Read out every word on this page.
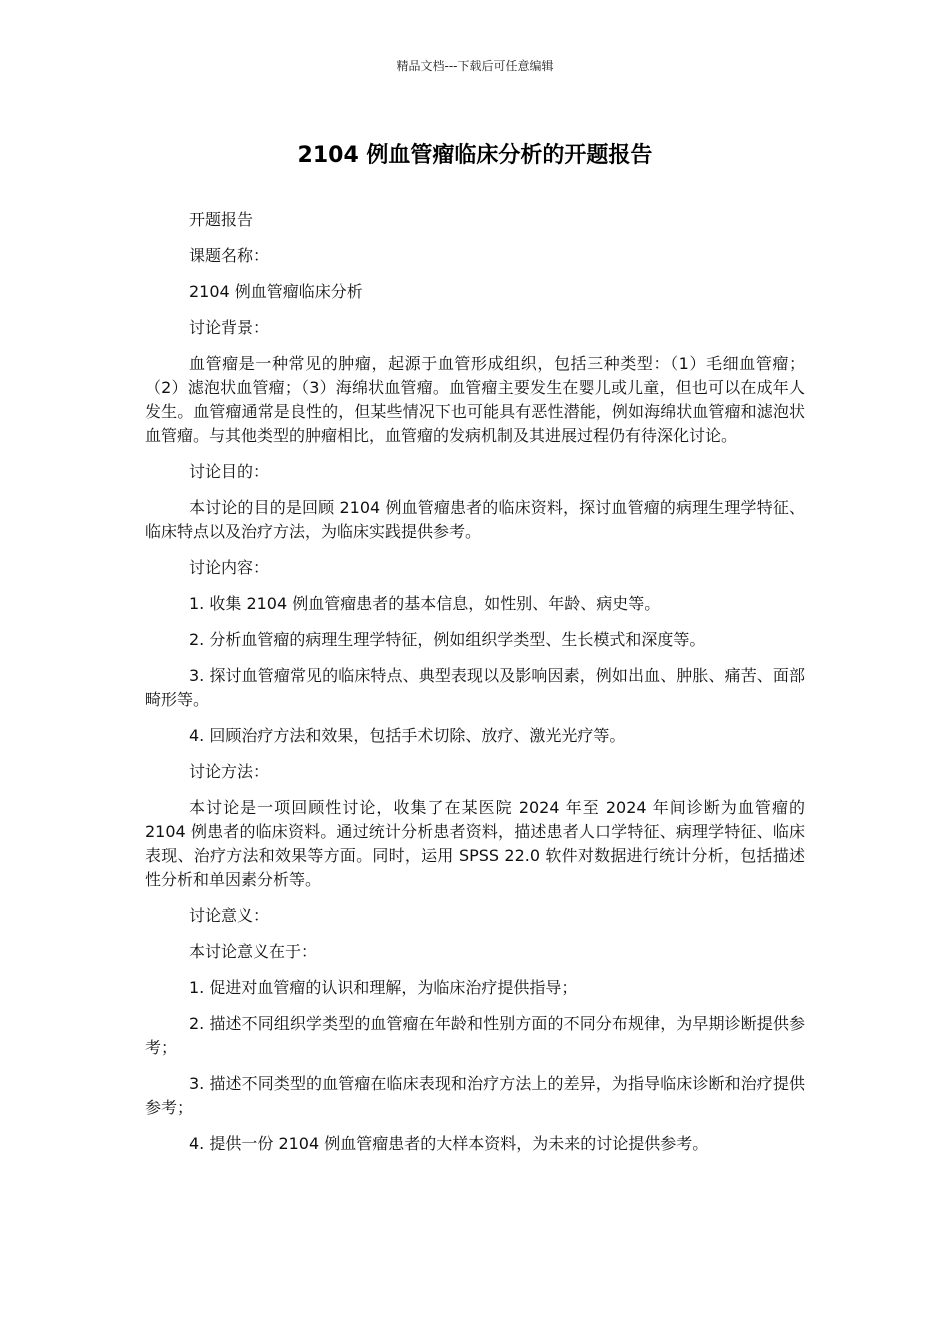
精品文档---下载后可任意编辑
2104 例血管瘤临床分析的开题报告

开题报告

课题名称：

2104 例血管瘤临床分析

讨论背景：

血管瘤是一种常见的肿瘤，起源于血管形成组织，包括三种类型：（1）毛细血管瘤；（2）滤泡状血管瘤；（3）海绵状血管瘤。血管瘤主要发生在婴儿或儿童，但也可以在成年人发生。血管瘤通常是良性的，但某些情况下也可能具有恶性潜能，例如海绵状血管瘤和滤泡状血管瘤。与其他类型的肿瘤相比，血管瘤的发病机制及其进展过程仍有待深化讨论。

讨论目的：

本讨论的目的是回顾 2104 例血管瘤患者的临床资料，探讨血管瘤的病理生理学特征、临床特点以及治疗方法，为临床实践提供参考。

讨论内容：

1. 收集 2104 例血管瘤患者的基本信息，如性别、年龄、病史等。

2. 分析血管瘤的病理生理学特征，例如组织学类型、生长模式和深度等。

3. 探讨血管瘤常见的临床特点、典型表现以及影响因素，例如出血、肿胀、痛苦、面部畸形等。

4. 回顾治疗方法和效果，包括手术切除、放疗、激光光疗等。

讨论方法：

本讨论是一项回顾性讨论，收集了在某医院 2024 年至 2024 年间诊断为血管瘤的 2104 例患者的临床资料。通过统计分析患者资料，描述患者人口学特征、病理学特征、临床表现、治疗方法和效果等方面。同时，运用 SPSS 22.0 软件对数据进行统计分析，包括描述性分析和单因素分析等。

讨论意义：

本讨论意义在于：

1. 促进对血管瘤的认识和理解，为临床治疗提供指导；

2. 描述不同组织学类型的血管瘤在年龄和性别方面的不同分布规律，为早期诊断提供参考；

3. 描述不同类型的血管瘤在临床表现和治疗方法上的差异，为指导临床诊断和治疗提供参考；

4. 提供一份 2104 例血管瘤患者的大样本资料，为未来的讨论提供参考。
